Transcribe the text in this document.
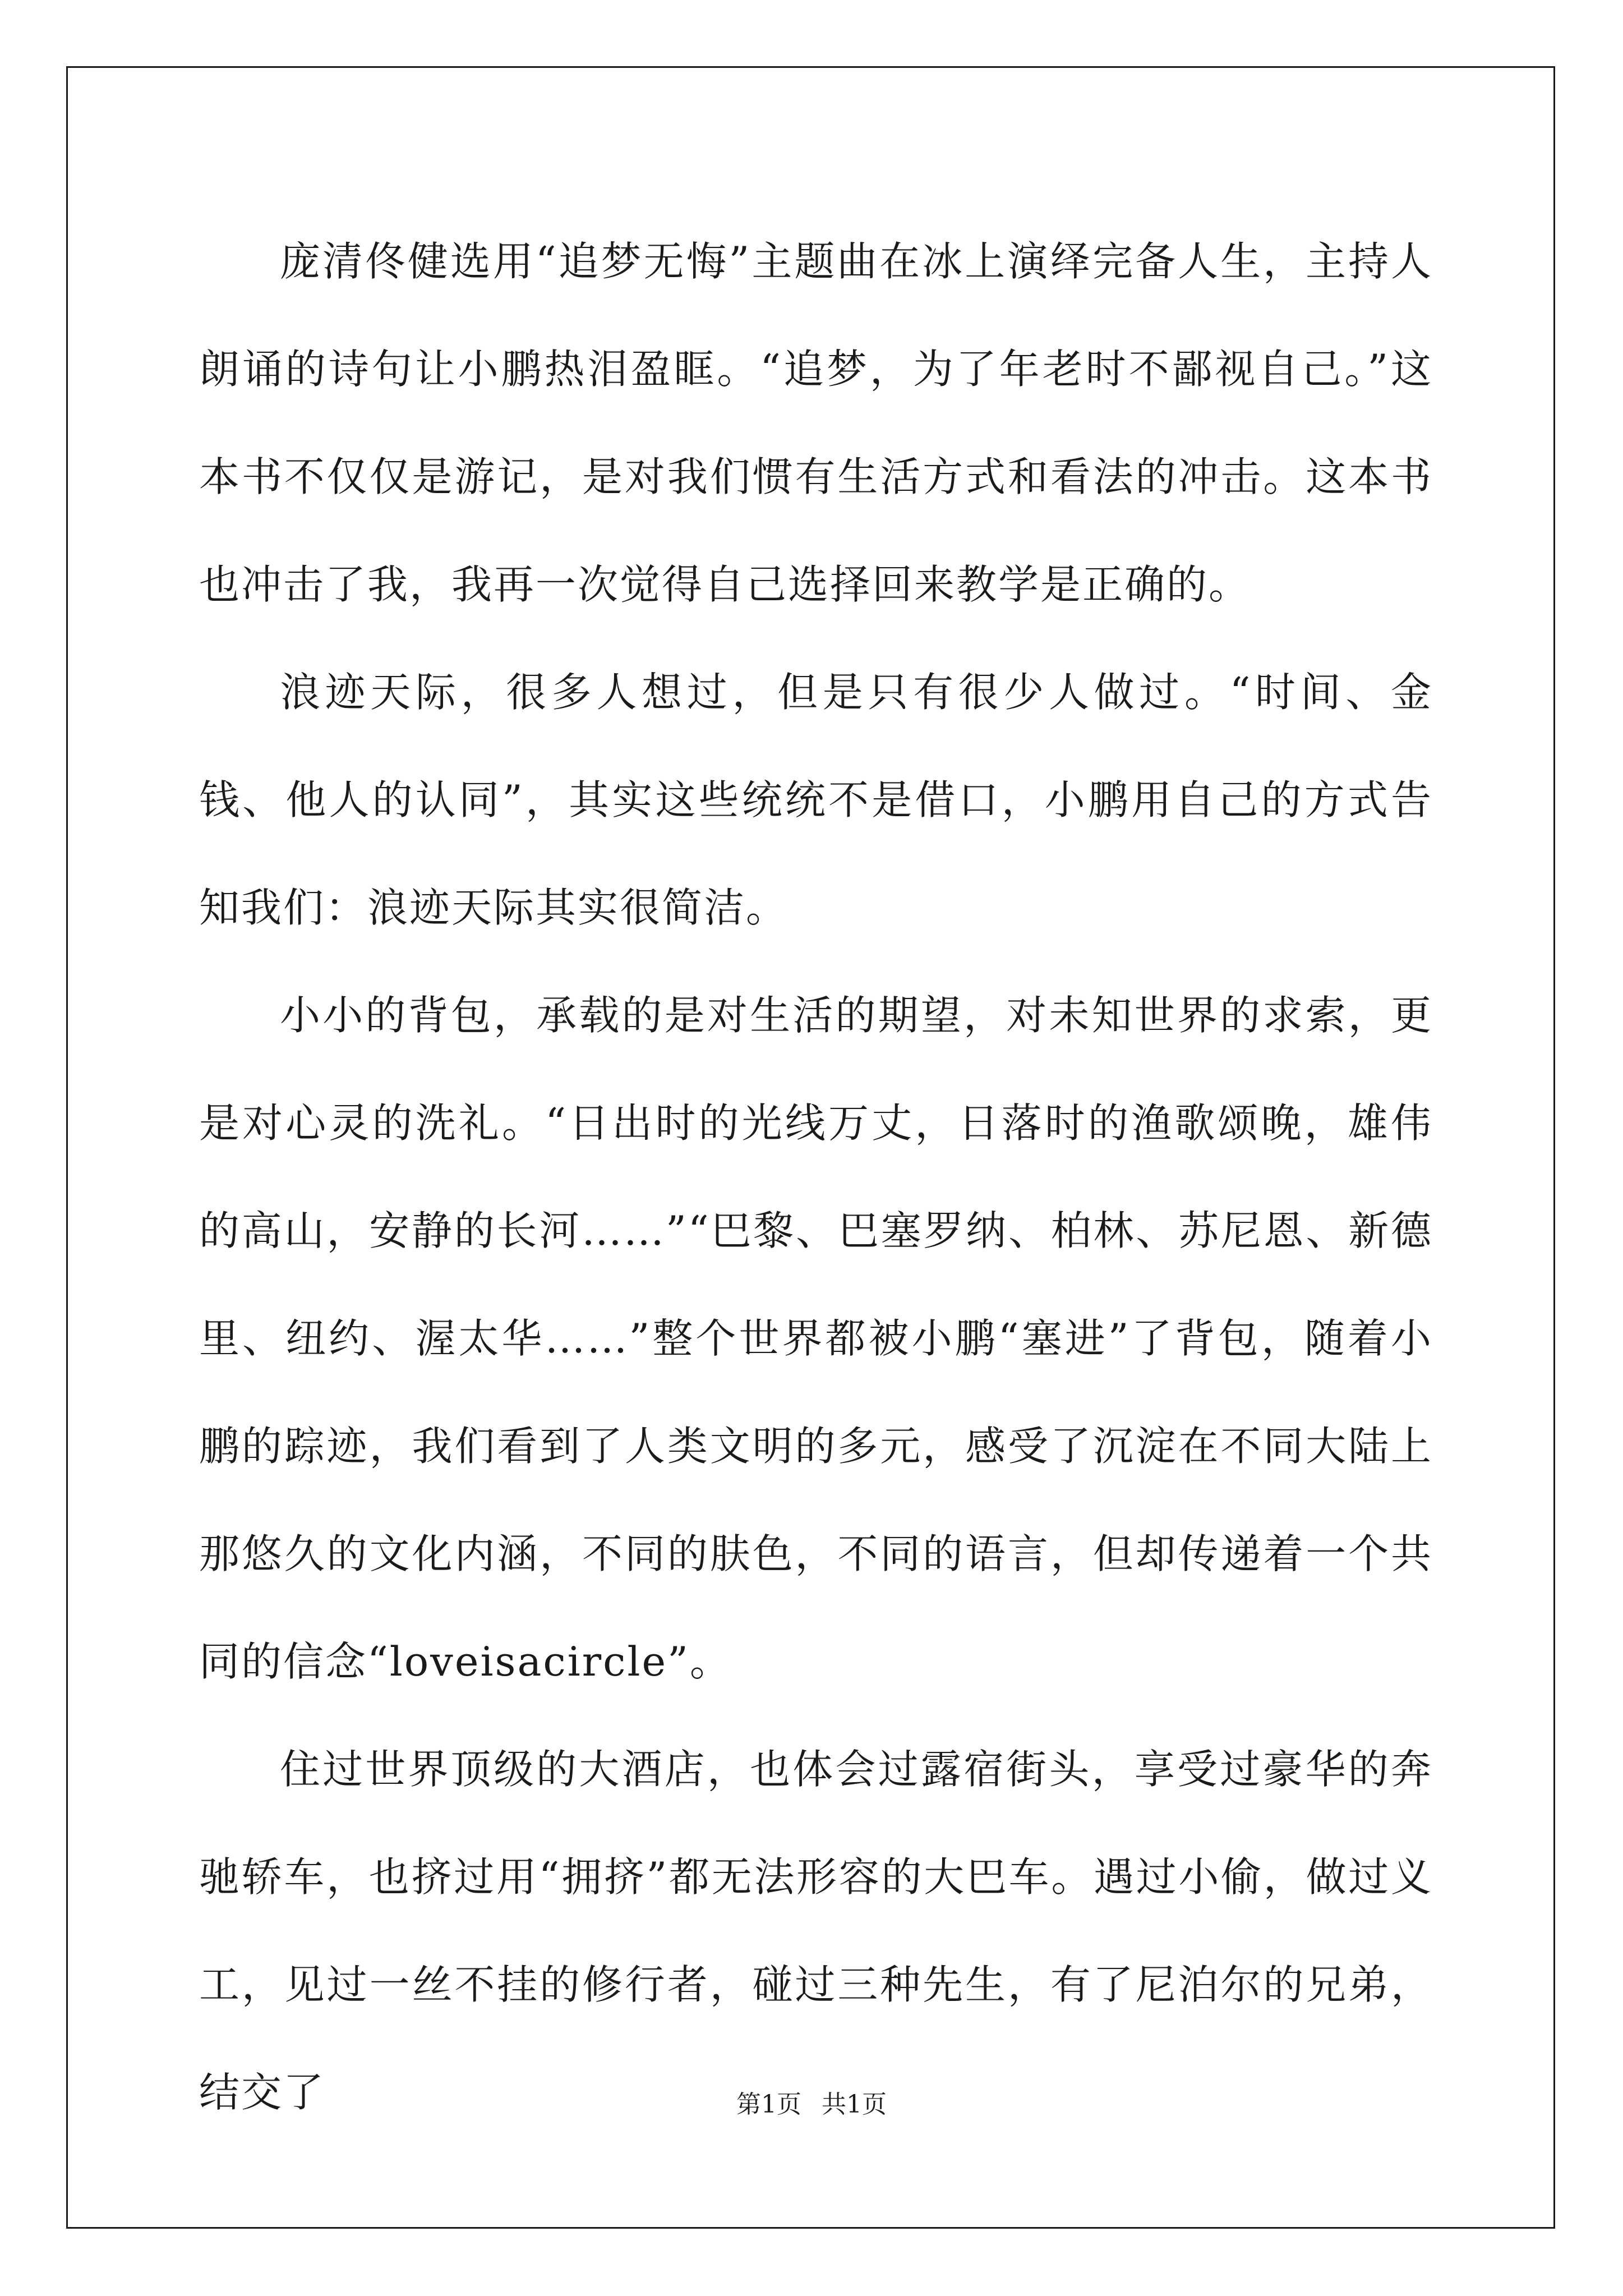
庞清佟健选用“追梦无悔”主题曲在冰上演绎完备人生，主持人朗诵的诗句让小鹏热泪盈眶。“追梦，为了年老时不鄙视自己。”这本书不仅仅是游记，是对我们惯有生活方式和看法的冲击。这本书也冲击了我，我再一次觉得自己选择回来教学是正确的。

浪迹天际，很多人想过，但是只有很少人做过。“时间、金钱、他人的认同”，其实这些统统不是借口，小鹏用自己的方式告知我们：浪迹天际其实很简洁。

小小的背包，承载的是对生活的期望，对未知世界的求索，更是对心灵的洗礼。“日出时的光线万丈，日落时的渔歌颂晚，雄伟的高山，安静的长河……”“巴黎、巴塞罗纳、柏林、苏尼恩、新德里、纽约、渥太华……”整个世界都被小鹏“塞进”了背包，随着小鹏的踪迹，我们看到了人类文明的多元，感受了沉淀在不同大陆上那悠久的文化内涵，不同的肤色，不同的语言，但却传递着一个共同的信念“loveisacircle”。

住过世界顶级的大酒店，也体会过露宿街头，享受过豪华的奔驰轿车，也挤过用“拥挤”都无法形容的大巴车。遇过小偷，做过义工，见过一丝不挂的修行者，碰过三种先生，有了尼泊尔的兄弟，结交了	第1页 共1页
